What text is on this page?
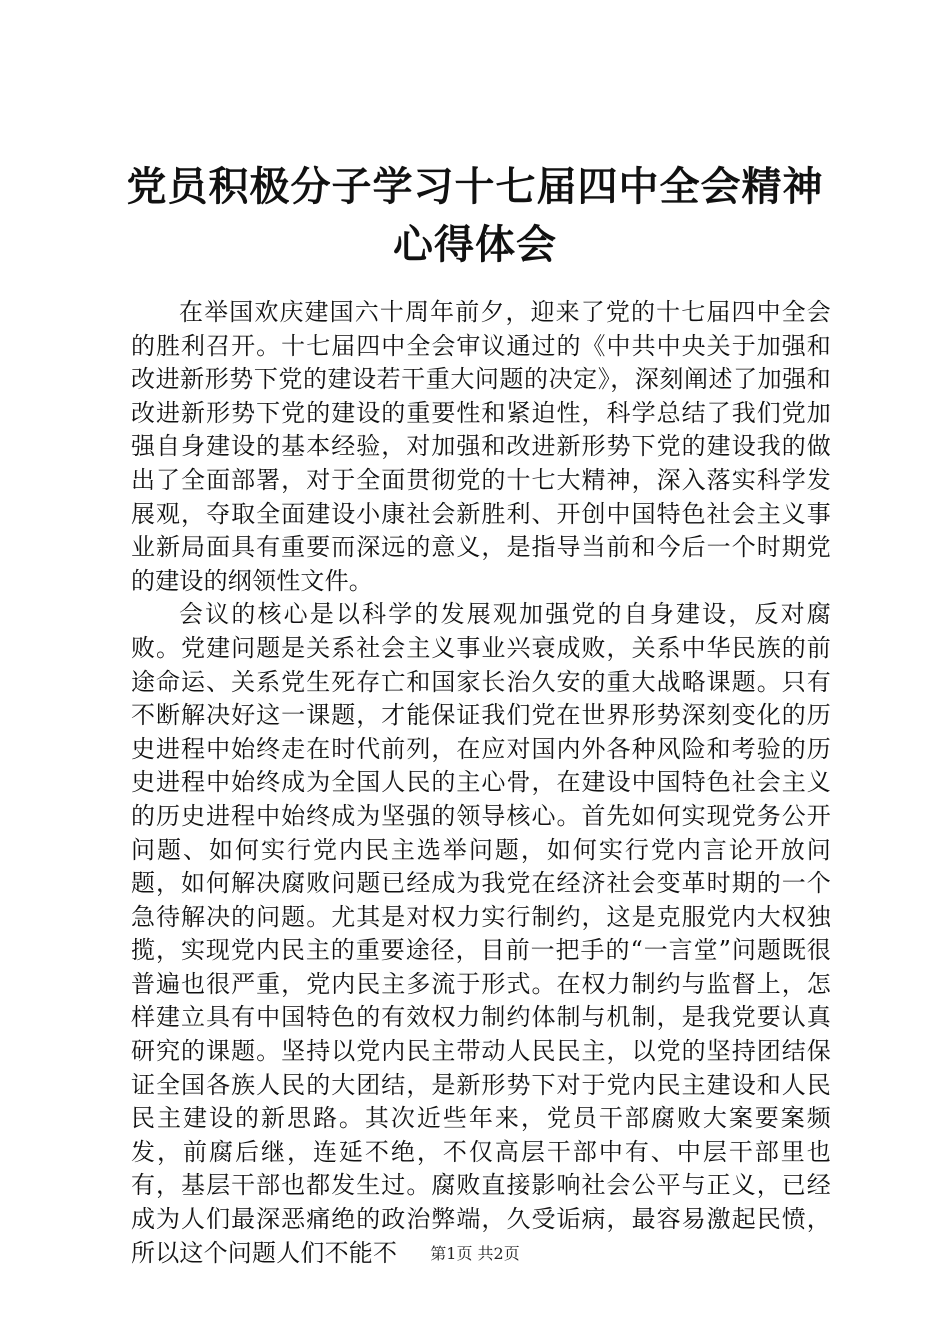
党员积极分子学习十七届四中全会精神心得体会

在举国欢庆建国六十周年前夕，迎来了党的十七届四中全会的胜利召开。十七届四中全会审议通过的《中共中央关于加强和改进新形势下党的建设若干重大问题的决定》，深刻阐述了加强和改进新形势下党的建设的重要性和紧迫性，科学总结了我们党加强自身建设的基本经验，对加强和改进新形势下党的建设我的做出了全面部署，对于全面贯彻党的十七大精神，深入落实科学发展观，夺取全面建设小康社会新胜利、开创中国特色社会主义事业新局面具有重要而深远的意义，是指导当前和今后一个时期党的建设的纲领性文件。

会议的核心是以科学的发展观加强党的自身建设，反对腐败。党建问题是关系社会主义事业兴衰成败，关系中华民族的前途命运、关系党生死存亡和国家长治久安的重大战略课题。只有不断解决好这一课题，才能保证我们党在世界形势深刻变化的历史进程中始终走在时代前列，在应对国内外各种风险和考验的历史进程中始终成为全国人民的主心骨，在建设中国特色社会主义的历史进程中始终成为坚强的领导核心。首先如何实现党务公开问题、如何实行党内民主选举问题，如何实行党内言论开放问题，如何解决腐败问题已经成为我党在经济社会变革时期的一个急待解决的问题。尤其是对权力实行制约，这是克服党内大权独揽，实现党内民主的重要途径，目前一把手的“一言堂”问题既很普遍也很严重，党内民主多流于形式。在权力制约与监督上，怎样建立具有中国特色的有效权力制约体制与机制，是我党要认真研究的课题。坚持以党内民主带动人民民主，以党的坚持团结保证全国各族人民的大团结，是新形势下对于党内民主建设和人民民主建设的新思路。其次近些年来，党员干部腐败大案要案频发，前腐后继，连延不绝，不仅高层干部中有、中层干部里也有，基层干部也都发生过。腐败直接影响社会公平与正义，已经成为人们最深恶痛绝的政治弊端，久受诟病，最容易激起民愤，所以这个问题人们不能不	第1页 共2页
